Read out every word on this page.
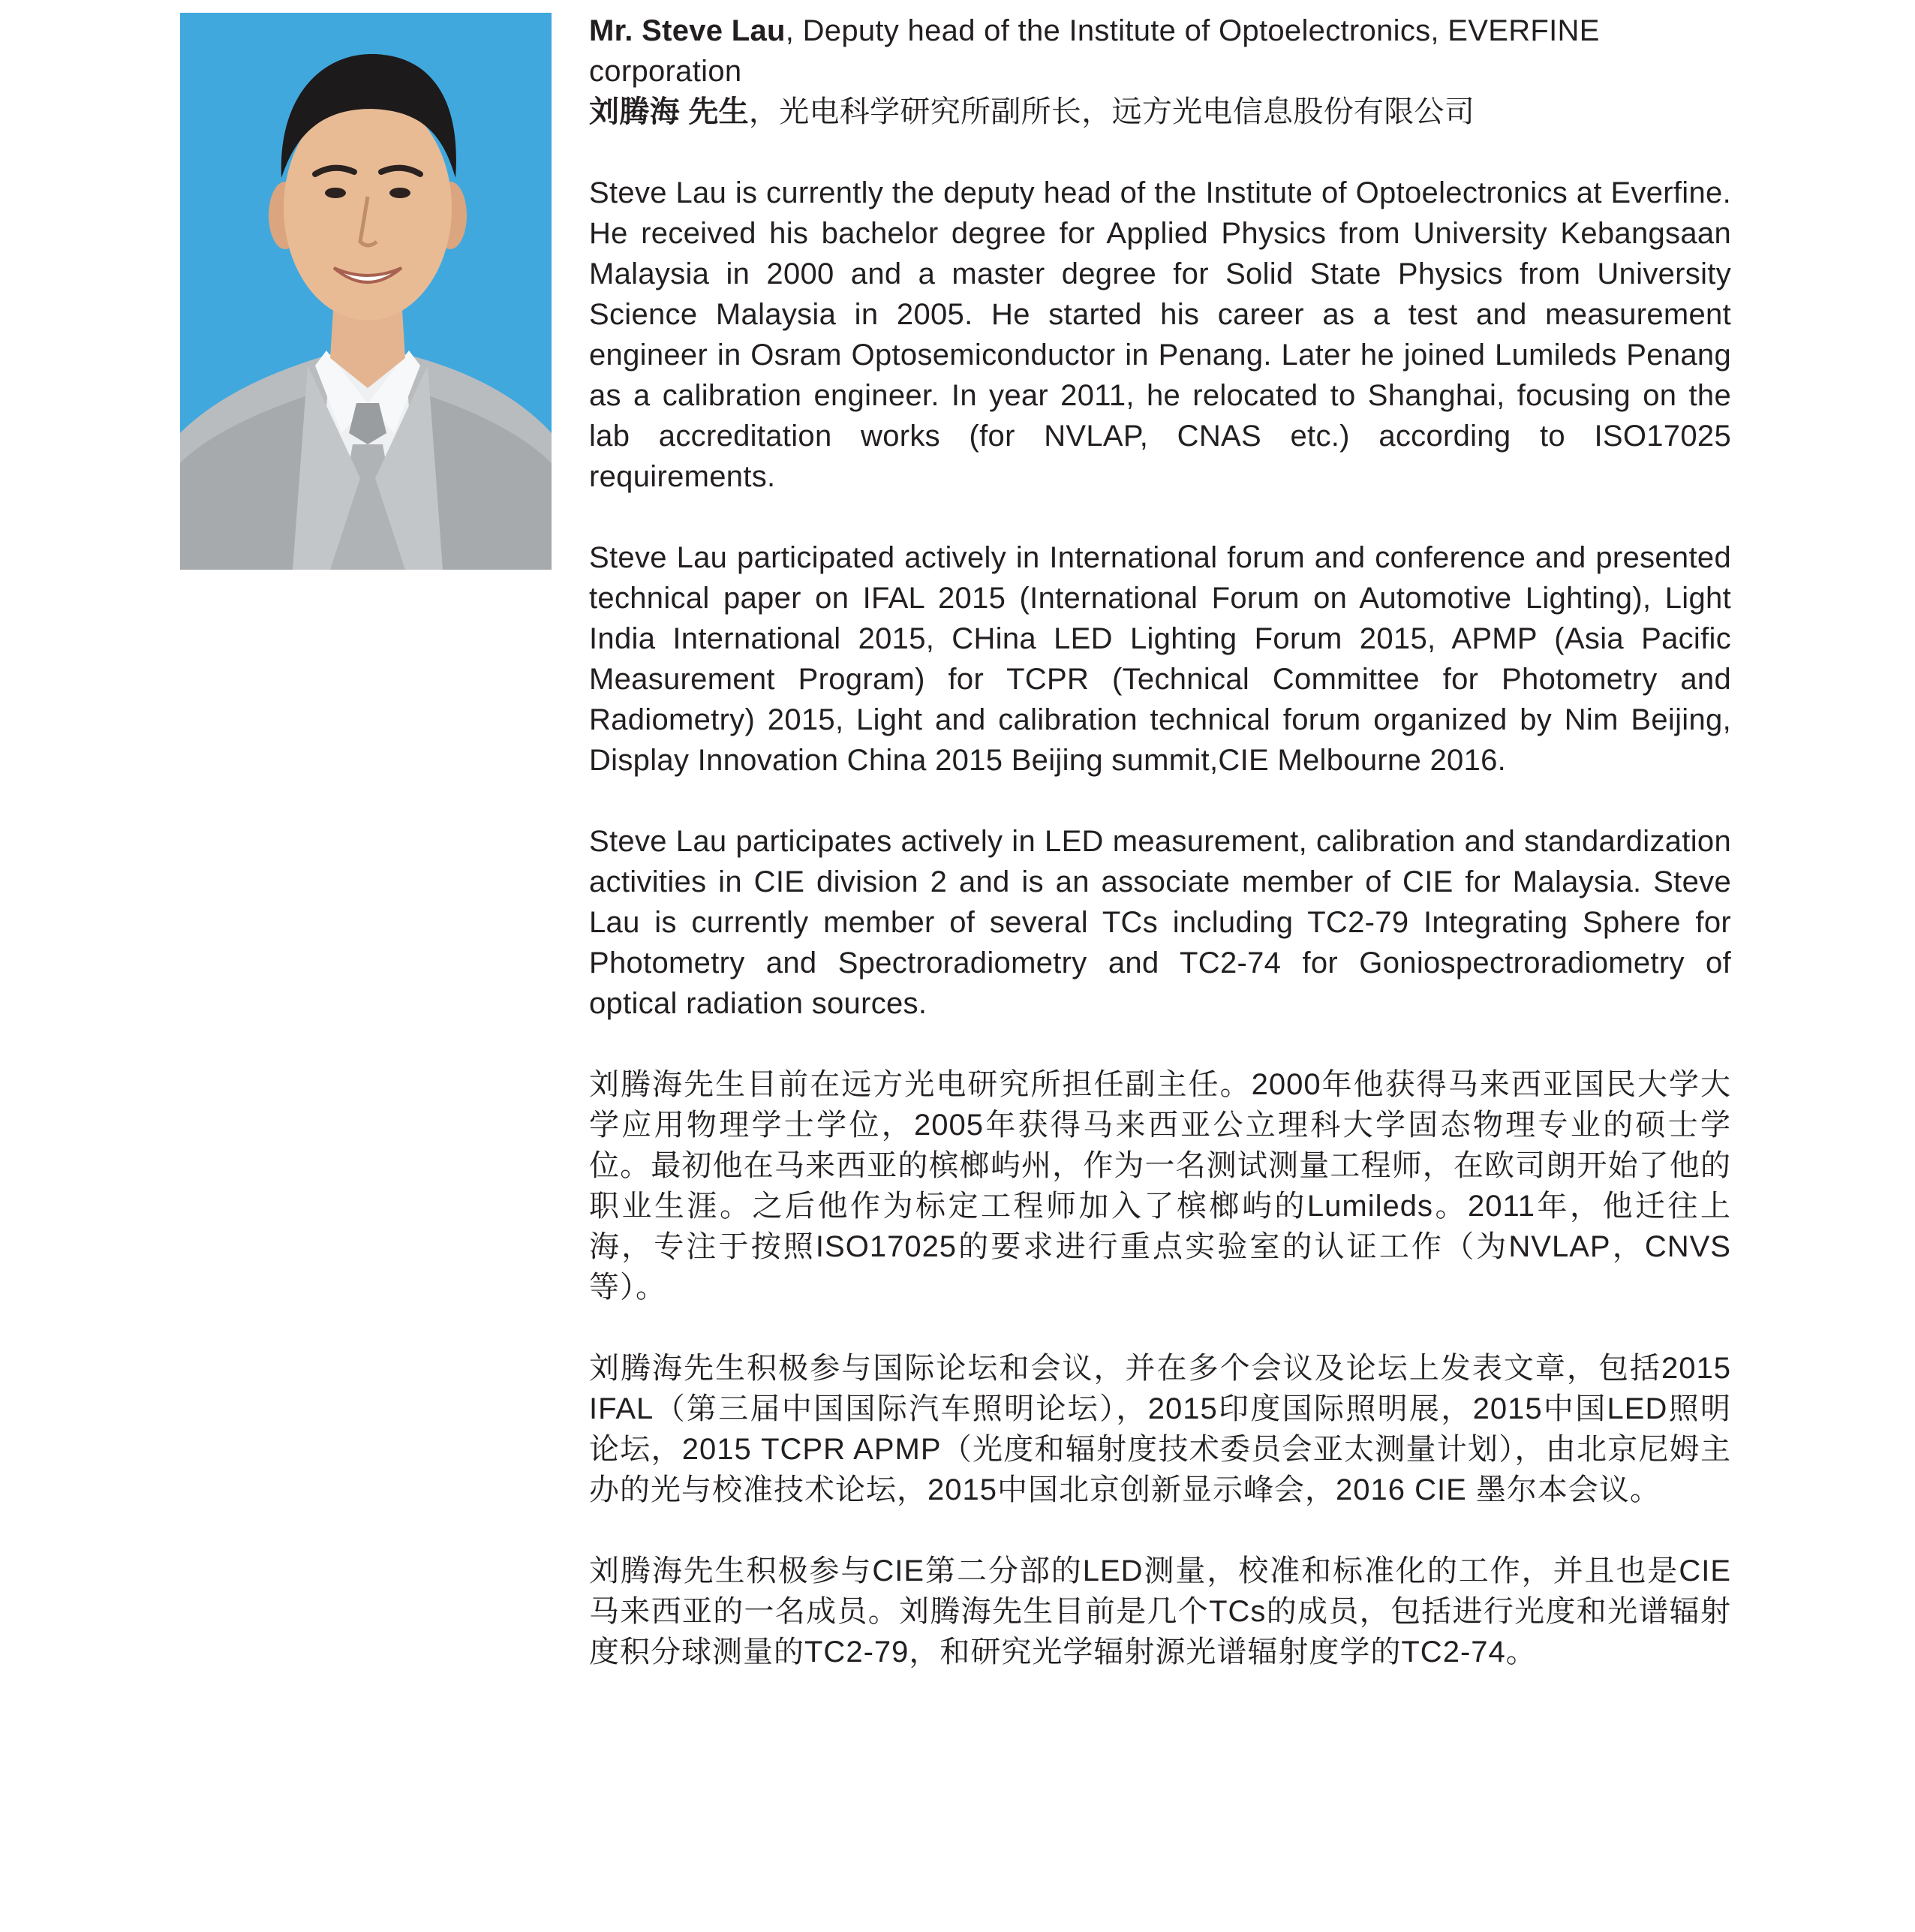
Mr. Steve Lau, Deputy head of the Institute of Optoelectronics, EVERFINE corporation

刘腾海 先生，光电科学研究所副所长，远方光电信息股份有限公司

Steve Lau is currently the deputy head of the Institute of Optoelectronics at Everfine. He received his bachelor degree for Applied Physics from University Kebangsaan Malaysia in 2000 and a master degree for Solid State Physics from University Science Malaysia in 2005. He started his career as a test and measurement engineer in Osram Optosemiconductor in Penang. Later he joined Lumileds Penang as a calibration engineer. In year 2011, he relocated to Shanghai, focusing on the lab accreditation works (for NVLAP, CNAS etc.) according to ISO17025 requirements.

Steve Lau participated actively in International forum and conference and presented technical paper on IFAL 2015 (International Forum on Automotive Lighting), Light India International 2015, CHina LED Lighting Forum 2015, APMP (Asia Pacific Measurement Program) for TCPR (Technical Committee for Photometry and Radiometry) 2015, Light and calibration technical forum organized by Nim Beijing, Display Innovation China 2015 Beijing summit,CIE Melbourne 2016.

Steve Lau participates actively in LED measurement, calibration and standardization activities in CIE division 2 and is an associate member of CIE for Malaysia. Steve Lau is currently member of several TCs including TC2-79 Integrating Sphere for Photometry and Spectroradiometry and TC2-74 for Goniospectroradiometry of optical radiation sources.

刘腾海先生目前在远方光电研究所担任副主任。2000年他获得马来西亚国民大学大学应用物理学士学位，2005年获得马来西亚公立理科大学固态物理专业的硕士学位。最初他在马来西亚的槟榔屿州，作为一名测试测量工程师，在欧司朗开始了他的职业生涯。之后他作为标定工程师加入了槟榔屿的Lumileds。2011年，他迁往上海，专注于按照ISO17025的要求进行重点实验室的认证工作（为NVLAP，CNVS等）。

刘腾海先生积极参与国际论坛和会议，并在多个会议及论坛上发表文章，包括2015 IFAL（第三届中国国际汽车照明论坛），2015印度国际照明展，2015中国LED照明论坛，2015 TCPR APMP（光度和辐射度技术委员会亚太测量计划），由北京尼姆主办的光与校准技术论坛，2015中国北京创新显示峰会，2016 CIE 墨尔本会议。

刘腾海先生积极参与CIE第二分部的LED测量，校准和标准化的工作，并且也是CIE马来西亚的一名成员。刘腾海先生目前是几个TCs的成员，包括进行光度和光谱辐射度积分球测量的TC2-79，和研究光学辐射源光谱辐射度学的TC2-74。
